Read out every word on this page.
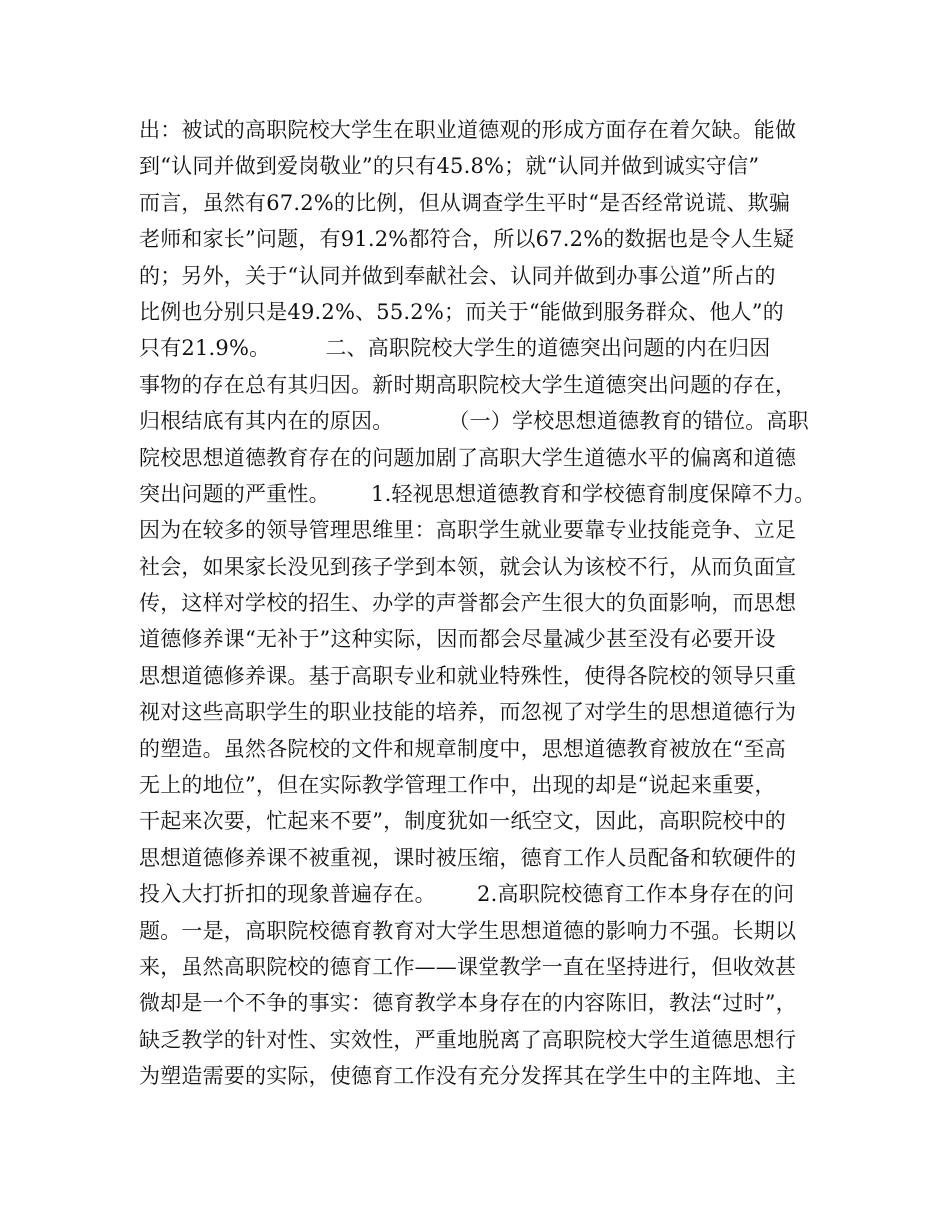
出：被试的高职院校大学生在职业道德观的形成方面存在着欠缺。能做
到“认同并做到爱岗敬业”的只有45.8%；就“认同并做到诚实守信”
而言，虽然有67.2%的比例，但从调查学生平时“是否经常说谎、欺骗
老师和家长”问题，有91.2%都符合，所以67.2%的数据也是令人生疑
的；另外，关于“认同并做到奉献社会、认同并做到办事公道”所占的
比例也分别只是49.2%、55.2%；而关于“能做到服务群众、他人”的
只有21.9%。        二、高职院校大学生的道德突出问题的内在归因
事物的存在总有其归因。新时期高职院校大学生道德突出问题的存在，
归根结底有其内在的原因。        （一）学校思想道德教育的错位。高职
院校思想道德教育存在的问题加剧了高职大学生道德水平的偏离和道德
突出问题的严重性。      1.轻视思想道德教育和学校德育制度保障不力。
因为在较多的领导管理思维里：高职学生就业要靠专业技能竞争、立足
社会，如果家长没见到孩子学到本领，就会认为该校不行，从而负面宣
传，这样对学校的招生、办学的声誉都会产生很大的负面影响，而思想
道德修养课“无补于”这种实际，因而都会尽量减少甚至没有必要开设
思想道德修养课。基于高职专业和就业特殊性，使得各院校的领导只重
视对这些高职学生的职业技能的培养，而忽视了对学生的思想道德行为
的塑造。虽然各院校的文件和规章制度中，思想道德教育被放在“至高
无上的地位”，但在实际教学管理工作中，出现的却是“说起来重要，
干起来次要，忙起来不要”，制度犹如一纸空文，因此，高职院校中的
思想道德修养课不被重视，课时被压缩，德育工作人员配备和软硬件的
投入大打折扣的现象普遍存在。      2.高职院校德育工作本身存在的问
题。一是，高职院校德育教育对大学生思想道德的影响力不强。长期以
来，虽然高职院校的德育工作——课堂教学一直在坚持进行，但收效甚
微却是一个不争的事实：德育教学本身存在的内容陈旧，教法“过时”，
缺乏教学的针对性、实效性，严重地脱离了高职院校大学生道德思想行
为塑造需要的实际，使德育工作没有充分发挥其在学生中的主阵地、主
